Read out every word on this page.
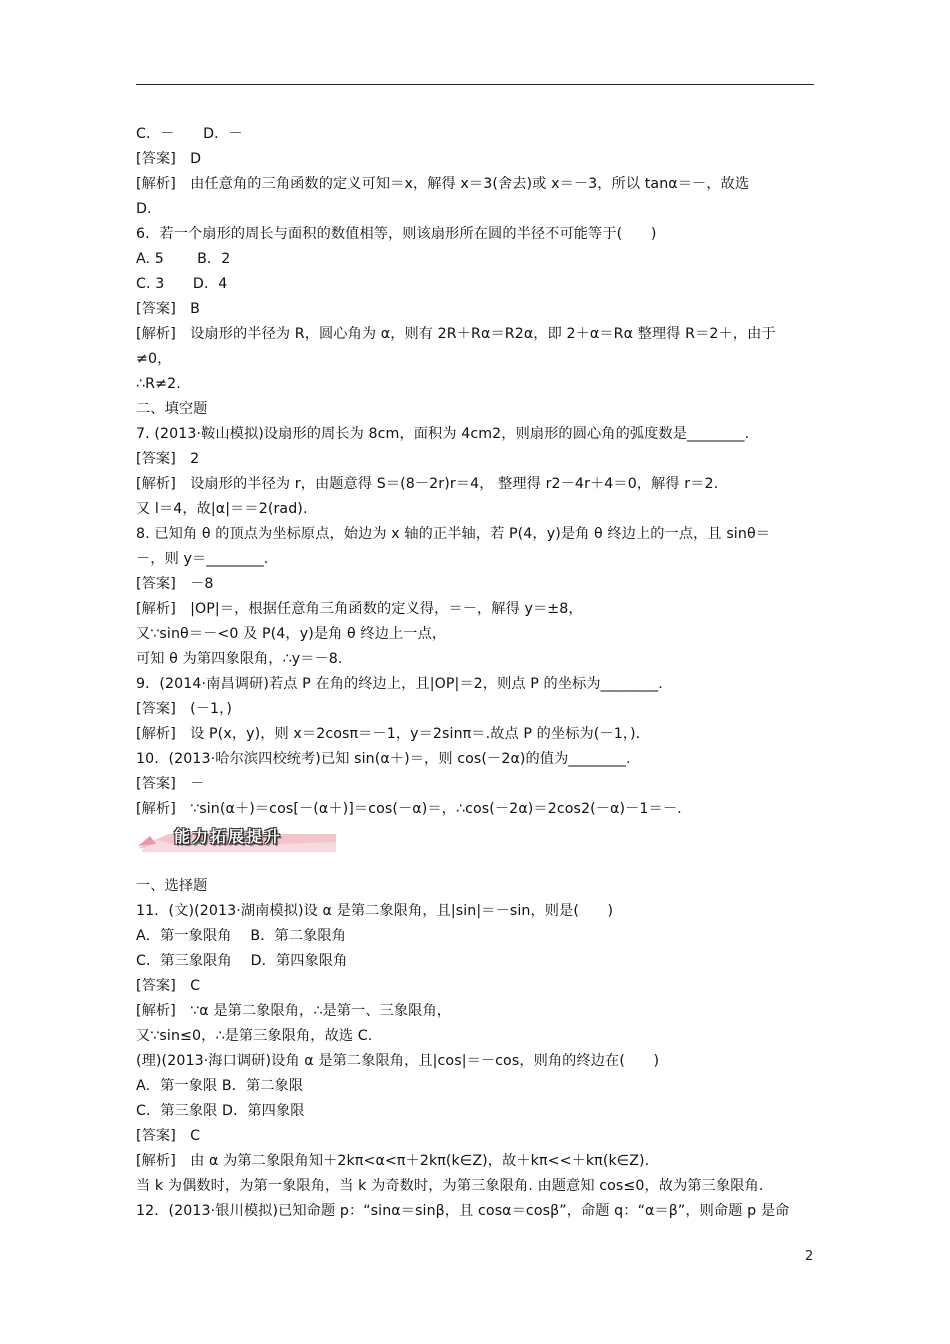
C．－　　D．－
[答案]　D
[解析]　由任意角的三角函数的定义可知＝x，解得 x＝3(舍去)或 x＝－3，所以 tanα＝－，故选
D.
6．若一个扇形的周长与面积的数值相等，则该扇形所在圆的半径不可能等于(　　)
A. 5　　 B．2
C. 3　　D．4
[答案]　B
[解析]　设扇形的半径为 R，圆心角为 α，则有 2R＋Rα＝R2α，即 2＋α＝Rα 整理得 R＝2＋，由于
≠0，
∴R≠2.
二、填空题
7. (2013·鞍山模拟)设扇形的周长为 8cm，面积为 4cm2，则扇形的圆心角的弧度数是________.
[答案]　2
[解析]　设扇形的半径为 r，由题意得 S＝(8－2r)r＝4， 整理得 r2－4r＋4＝0，解得 r＝2.
又 l＝4，故|α|＝＝2(rad).
8. 已知角 θ 的顶点为坐标原点，始边为 x 轴的正半轴，若 P(4，y)是角 θ 终边上的一点，且 sinθ＝
－，则 y＝________.
[答案]　－8
[解析]　|OP|＝，根据任意角三角函数的定义得，＝－，解得 y＝±8，
又∵sinθ＝－<0 及 P(4，y)是角 θ 终边上一点，
可知 θ 为第四象限角，∴y＝－8.
9．(2014·南昌调研)若点 P 在角的终边上，且|OP|＝2，则点 P 的坐标为________.
[答案]　(－1，)
[解析]　设 P(x，y)，则 x＝2cosπ＝－1，y＝2sinπ＝.故点 P 的坐标为(－1，).
10．(2013·哈尔滨四校统考)已知 sin(α＋)＝，则 cos(－2α)的值为________.
[答案]　－
[解析]　∵sin(α＋)＝cos[－(α＋)]＝cos(－α)＝，∴cos(－2α)＝2cos2(－α)－1＝－.
能力拓展提升
一、选择题
11．(文)(2013·湖南模拟)设 α 是第二象限角，且|sin|＝－sin，则是(　　)
A．第一象限角　 B．第二象限角
C．第三象限角　 D．第四象限角
[答案]　C
[解析]　∵α 是第二象限角，∴是第一、三象限角，
又∵sin≤0，∴是第三象限角，故选 C.
(理)(2013·海口调研)设角 α 是第二象限角，且|cos|＝－cos，则角的终边在(　　)
A．第一象限 B．第二象限
C．第三象限 D．第四象限
[答案]　C
[解析]　由 α 为第二象限角知＋2kπ<α<π＋2kπ(k∈Z)，故＋kπ<<＋kπ(k∈Z).
当 k 为偶数时，为第一象限角，当 k 为奇数时，为第三象限角. 由题意知 cos≤0，故为第三象限角.
12．(2013·银川模拟)已知命题 p：“sinα＝sinβ，且 cosα＝cosβ”，命题 q：“α＝β”，则命题 p 是命
2
